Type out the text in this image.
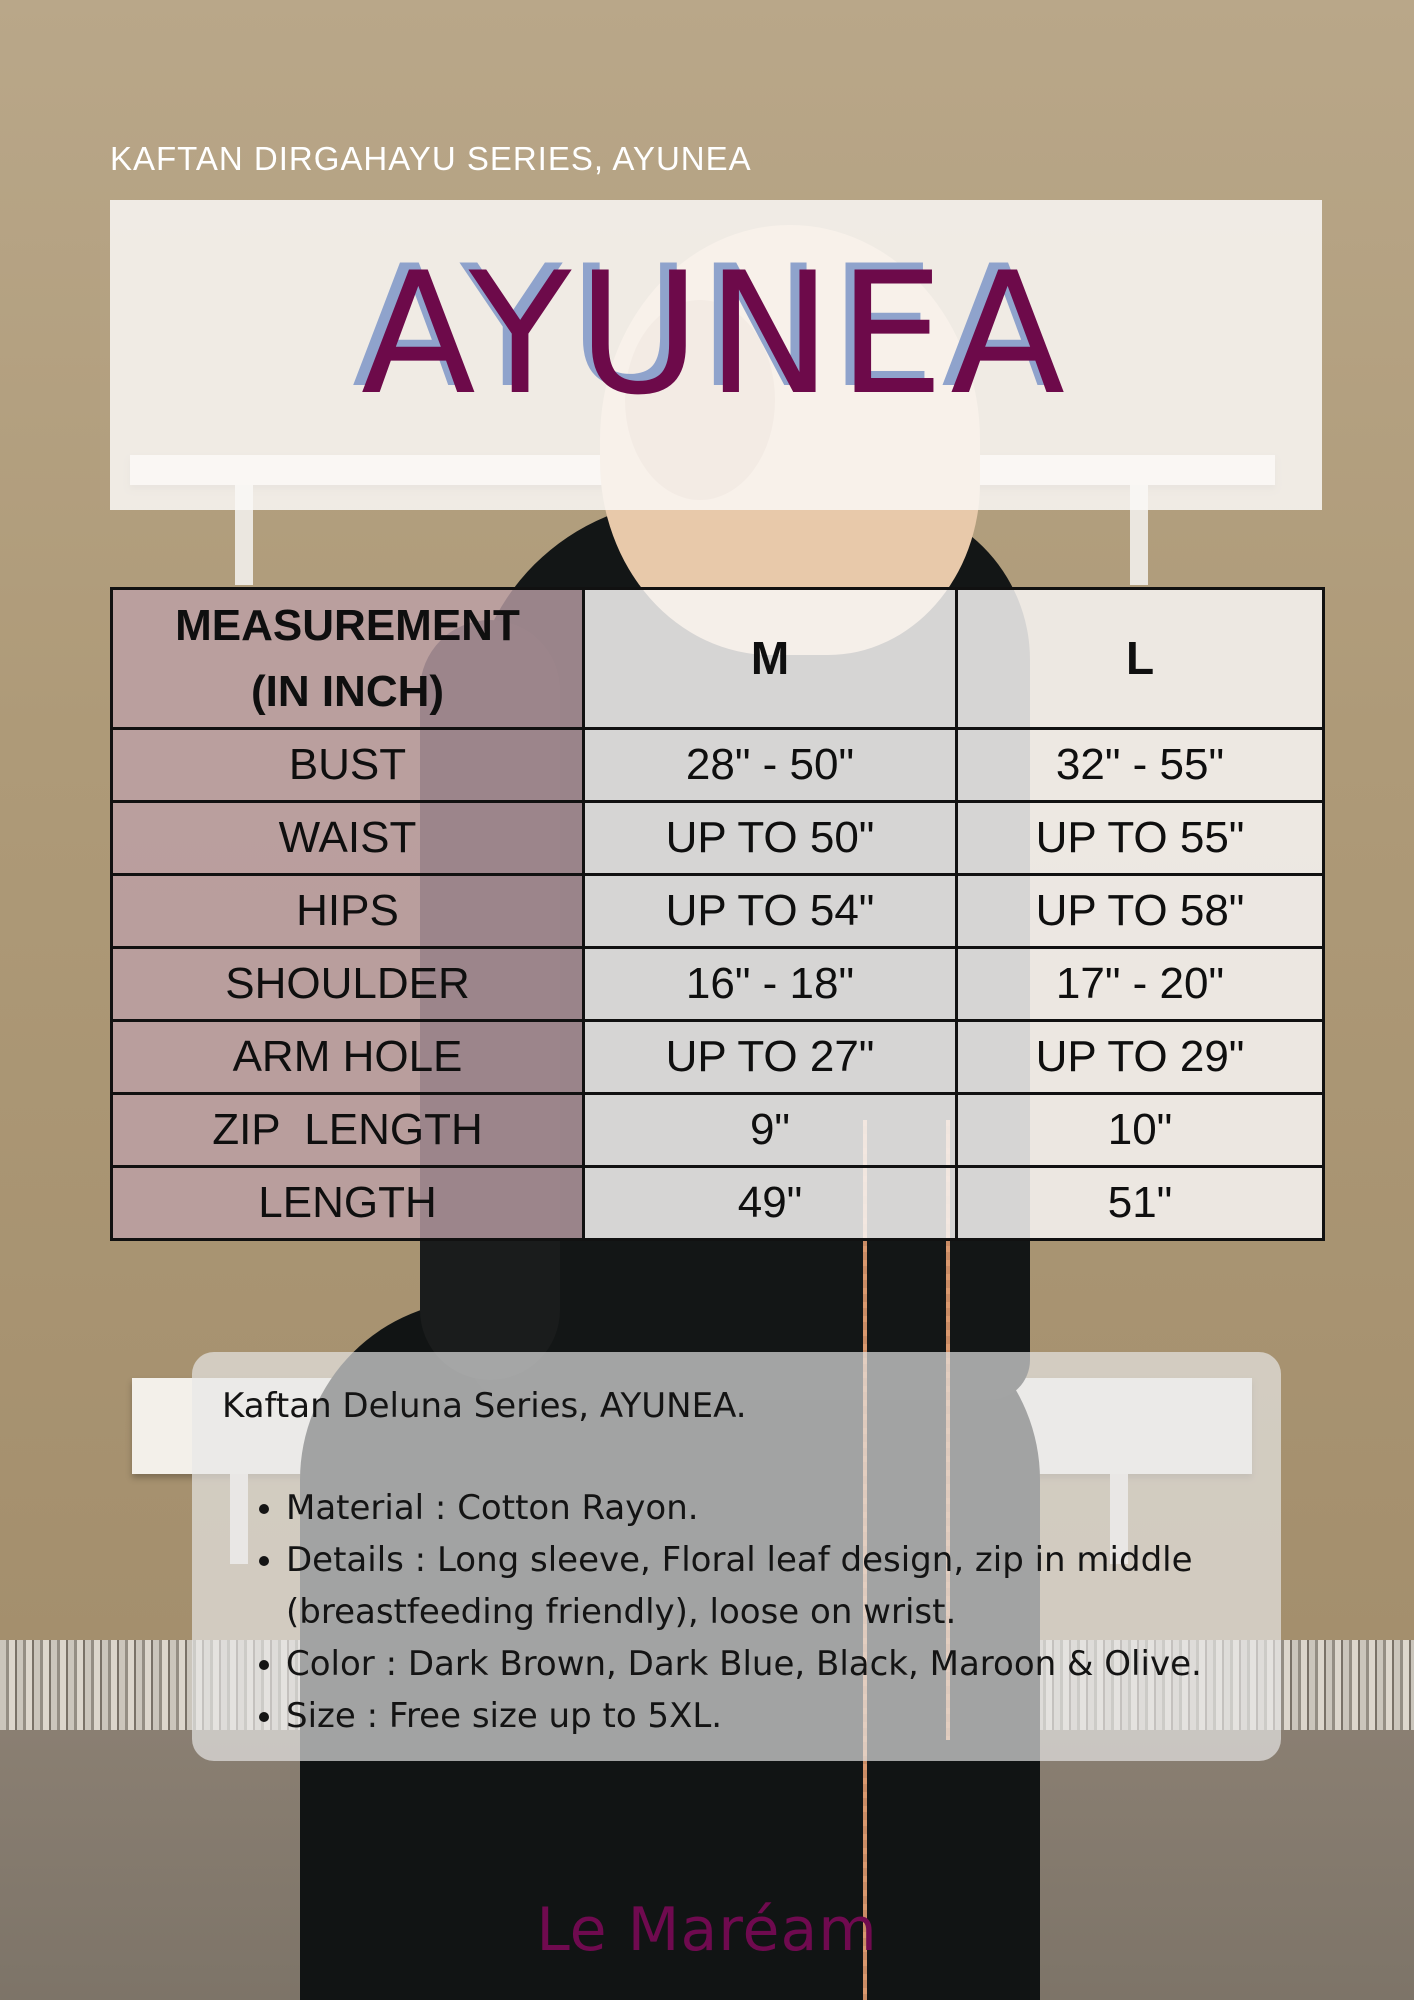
KAFTAN DIRGAHAYU SERIES, AYUNEA
AYUNEA
MEASUREMENT
(IN INCH)	M	L
BUST	28" - 50"	32" - 55"
WAIST	UP TO 50"	UP TO 55"
HIPS	UP TO 54"	UP TO 58"
SHOULDER	16" - 18"	17" - 20"
ARM HOLE	UP TO 27"	UP TO 29"
ZIP  LENGTH	9"	10"
LENGTH	49"	51"

Kaftan Deluna Series, AYUNEA.

• Material : Cotton Rayon.
• Details : Long sleeve, Floral leaf design, zip in middle (breastfeeding friendly), loose on wrist.
• Color : Dark Brown, Dark Blue, Black, Maroon & Olive.
• Size : Free size up to 5XL.
Le Maréam
